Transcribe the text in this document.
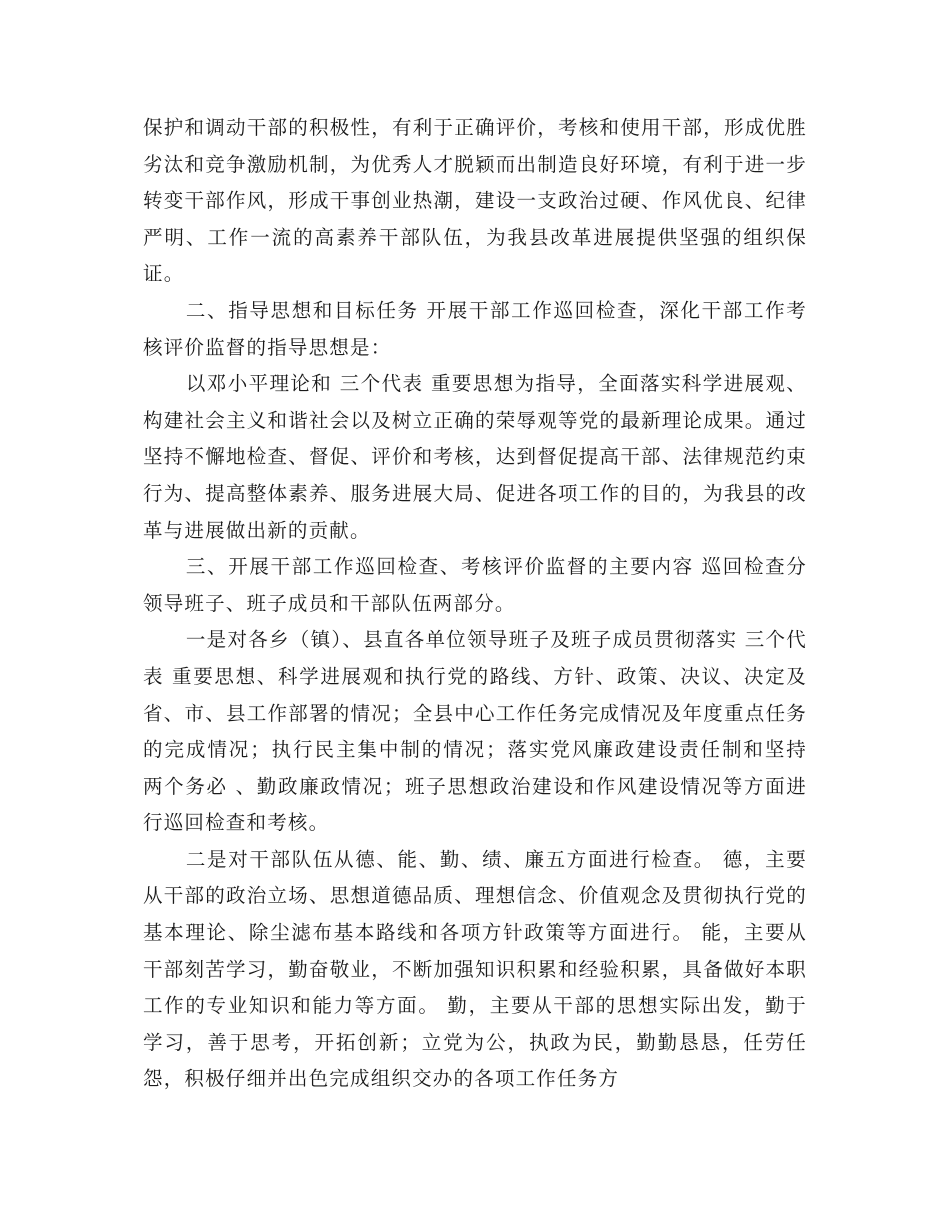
保护和调动干部的积极性，有利于正确评价，考核和使用干部，形成优胜劣汰和竞争激励机制，为优秀人才脱颖而出制造良好环境，有利于进一步转变干部作风，形成干事创业热潮，建设一支政治过硬、作风优良、纪律严明、工作一流的高素养干部队伍，为我县改革进展提供坚强的组织保证。

二、指导思想和目标任务 开展干部工作巡回检查，深化干部工作考核评价监督的指导思想是：

以邓小平理论和 三个代表 重要思想为指导，全面落实科学进展观、构建社会主义和谐社会以及树立正确的荣辱观等党的最新理论成果。通过坚持不懈地检查、督促、评价和考核，达到督促提高干部、法律规范约束行为、提高整体素养、服务进展大局、促进各项工作的目的，为我县的改革与进展做出新的贡献。

三、开展干部工作巡回检查、考核评价监督的主要内容 巡回检查分领导班子、班子成员和干部队伍两部分。

一是对各乡（镇）、县直各单位领导班子及班子成员贯彻落实 三个代表 重要思想、科学进展观和执行党的路线、方针、政策、决议、决定及省、市、县工作部署的情况；全县中心工作任务完成情况及年度重点任务的完成情况；执行民主集中制的情况；落实党风廉政建设责任制和坚持 两个务必 、勤政廉政情况；班子思想政治建设和作风建设情况等方面进行巡回检查和考核。

二是对干部队伍从德、能、勤、绩、廉五方面进行检查。 德，主要从干部的政治立场、思想道德品质、理想信念、价值观念及贯彻执行党的基本理论、除尘滤布基本路线和各项方针政策等方面进行。 能，主要从干部刻苦学习，勤奋敬业，不断加强知识积累和经验积累，具备做好本职工作的专业知识和能力等方面。 勤，主要从干部的思想实际出发，勤于学习，善于思考，开拓创新；立党为公，执政为民，勤勤恳恳，任劳任怨，积极仔细并出色完成组织交办的各项工作任务方
